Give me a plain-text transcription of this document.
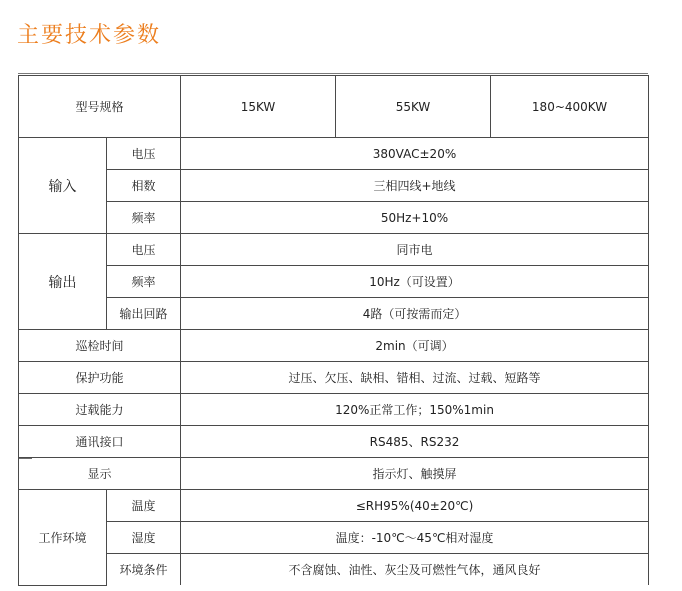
主要技术参数
型号规格		15KW	55KW	180~400KW
输入	电压	380VAC±20%		
	相数	三相四线+地线		
	频率	50Hz+10%		
输出	电压	同市电		
	频率	10Hz（可设置）		
	输出回路	4路（可按需而定）		
巡检时间		2min（可调）		
保护功能		过压、欠压、缺相、错相、过流、过载、短路等		
过载能力		120%正常工作；150%1min		
通讯接口		RS485、RS232		
显示		指示灯、触摸屏		
工作环境	温度	≤RH95%(40±20℃)		
	湿度	温度：-10℃～45℃相对湿度		
	环境条件	不含腐蚀、油性、灰尘及可燃性气体，通风良好		
